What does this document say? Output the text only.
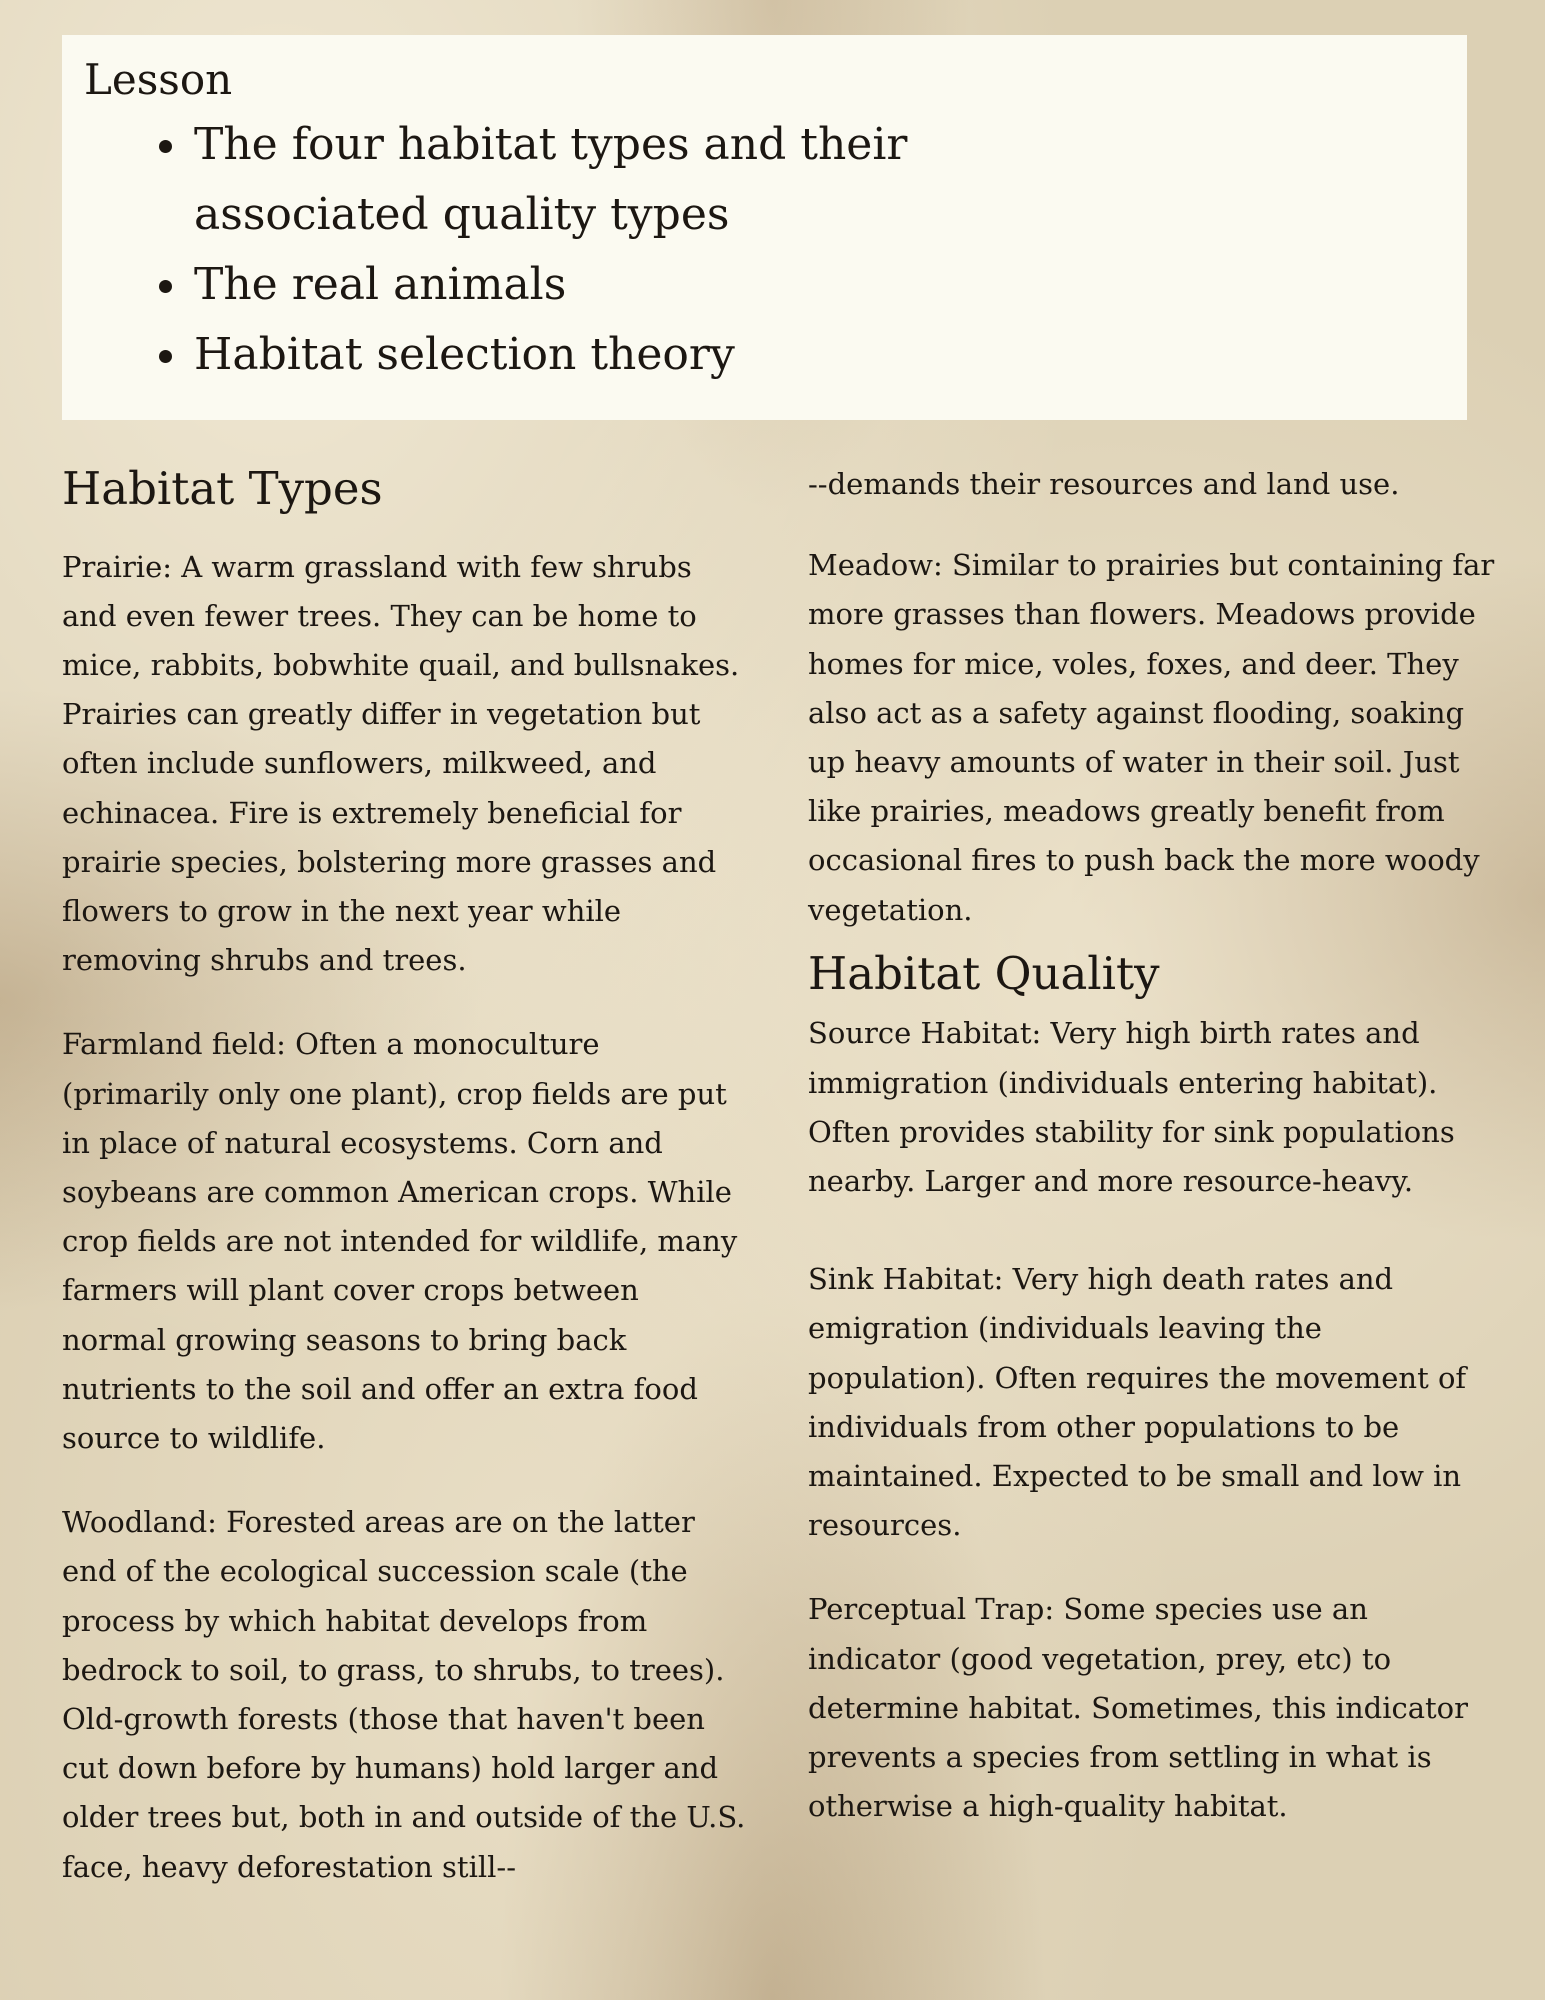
Lesson
• The four habitat types and their associated quality types
• The real animals
• Habitat selection theory
Habitat Types

Prairie: A warm grassland with few shrubs and even fewer trees. They can be home to mice, rabbits, bobwhite quail, and bullsnakes. Prairies can greatly differ in vegetation but often include sunflowers, milkweed, and echinacea. Fire is extremely beneficial for prairie species, bolstering more grasses and flowers to grow in the next year while removing shrubs and trees.

Farmland field: Often a monoculture (primarily only one plant), crop fields are put in place of natural ecosystems. Corn and soybeans are common American crops. While crop fields are not intended for wildlife, many farmers will plant cover crops between normal growing seasons to bring back nutrients to the soil and offer an extra food source to wildlife.

Woodland: Forested areas are on the latter end of the ecological succession scale (the process by which habitat develops from bedrock to soil, to grass, to shrubs, to trees). Old-growth forests (those that haven't been cut down before by humans) hold larger and older trees but, both in and outside of the U.S. face, heavy deforestation still--

--demands their resources and land use.

Meadow: Similar to prairies but containing far more grasses than flowers. Meadows provide homes for mice, voles, foxes, and deer. They also act as a safety against flooding, soaking up heavy amounts of water in their soil. Just like prairies, meadows greatly benefit from occasional fires to push back the more woody vegetation.

Habitat Quality

Source Habitat: Very high birth rates and immigration (individuals entering habitat). Often provides stability for sink populations nearby. Larger and more resource-heavy.

Sink Habitat: Very high death rates and emigration (individuals leaving the population). Often requires the movement of individuals from other populations to be maintained. Expected to be small and low in resources.

Perceptual Trap: Some species use an indicator (good vegetation, prey, etc) to determine habitat. Sometimes, this indicator prevents a species from settling in what is otherwise a high-quality habitat.
